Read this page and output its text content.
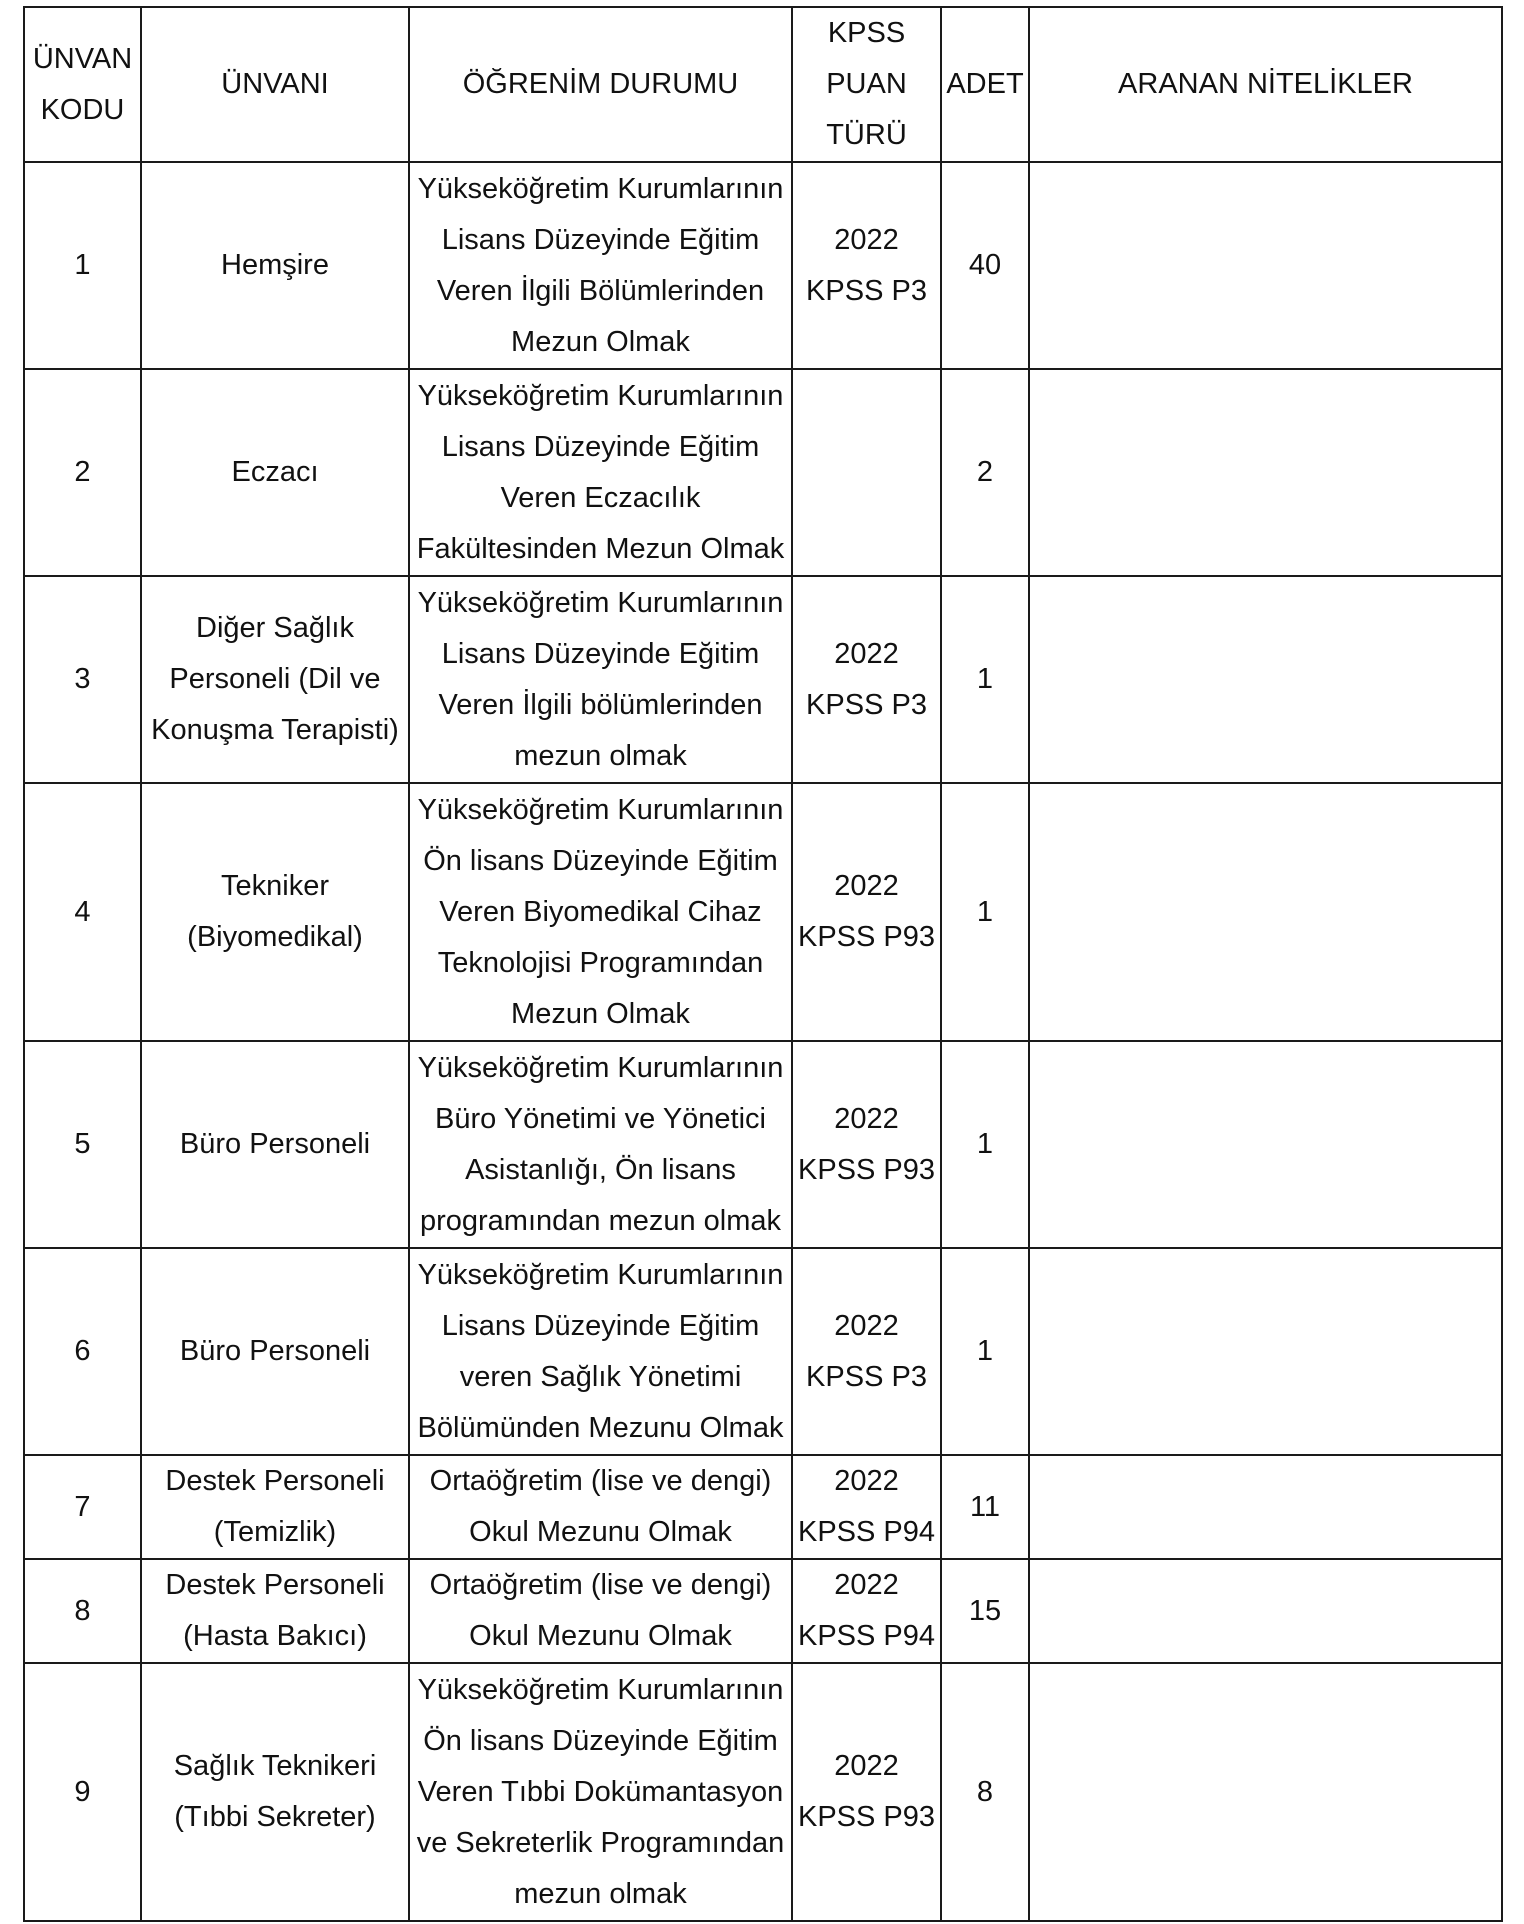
ÜNVAN KODU	ÜNVANI	ÖĞRENİM DURUMU	KPSS PUAN TÜRÜ	ADET	ARANAN NİTELİKLER
1	Hemşire	Yükseköğretim Kurumlarının Lisans Düzeyinde Eğitim Veren İlgili Bölümlerinden Mezun Olmak	2022 KPSS P3	40	
2	Eczacı	Yükseköğretim Kurumlarının Lisans Düzeyinde Eğitim Veren Eczacılık Fakültesinden Mezun Olmak		2	
3	Diğer Sağlık Personeli (Dil ve Konuşma Terapisti)	Yükseköğretim Kurumlarının Lisans Düzeyinde Eğitim Veren İlgili bölümlerinden mezun olmak	2022 KPSS P3	1	
4	Tekniker (Biyomedikal)	Yükseköğretim Kurumlarının Ön lisans Düzeyinde Eğitim Veren Biyomedikal Cihaz Teknolojisi Programından Mezun Olmak	2022 KPSS P93	1	
5	Büro Personeli	Yükseköğretim Kurumlarının Büro Yönetimi ve Yönetici Asistanlığı, Ön lisans programından mezun olmak	2022 KPSS P93	1	
6	Büro Personeli	Yükseköğretim Kurumlarının Lisans Düzeyinde Eğitim veren Sağlık Yönetimi Bölümünden Mezunu Olmak	2022 KPSS P3	1	
7	Destek Personeli (Temizlik)	Ortaöğretim (lise ve dengi) Okul Mezunu Olmak	2022 KPSS P94	11	
8	Destek Personeli (Hasta Bakıcı)	Ortaöğretim (lise ve dengi) Okul Mezunu Olmak	2022 KPSS P94	15	
9	Sağlık Teknikeri (Tıbbi Sekreter)	Yükseköğretim Kurumlarının Ön lisans Düzeyinde Eğitim Veren Tıbbi Dokümantasyon ve Sekreterlik Programından mezun olmak	2022 KPSS P93	8	
